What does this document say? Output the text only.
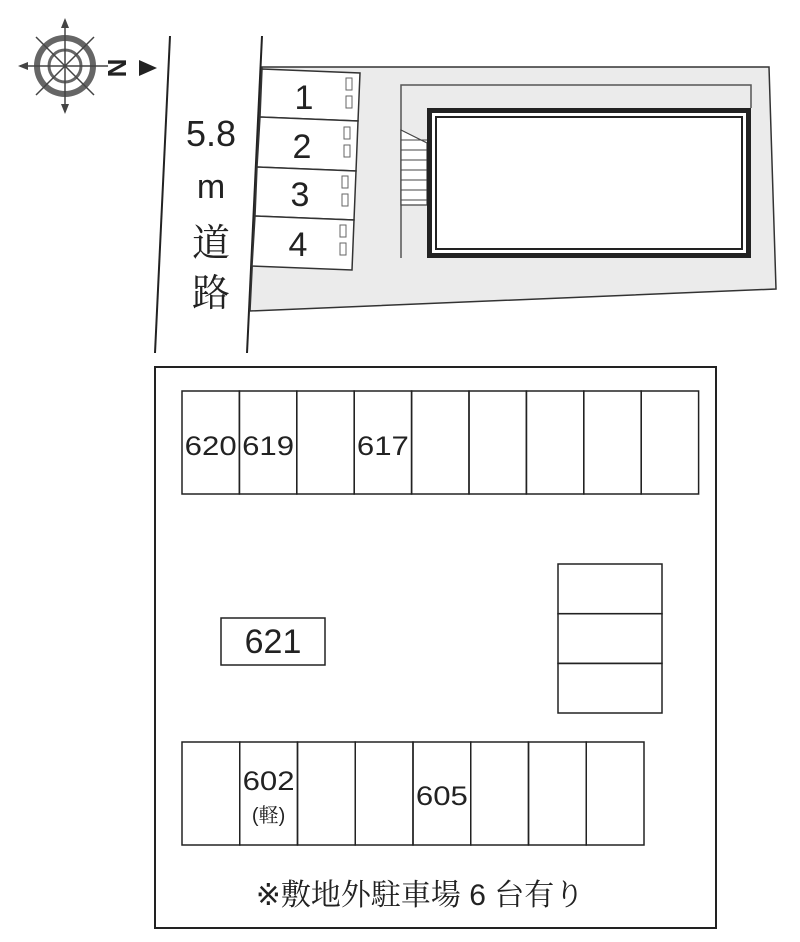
N
5.8
m
道
路
1
2
3
4
620 619 617
621
602
(軽)
605
※敷地外駐車場 6 台有り
